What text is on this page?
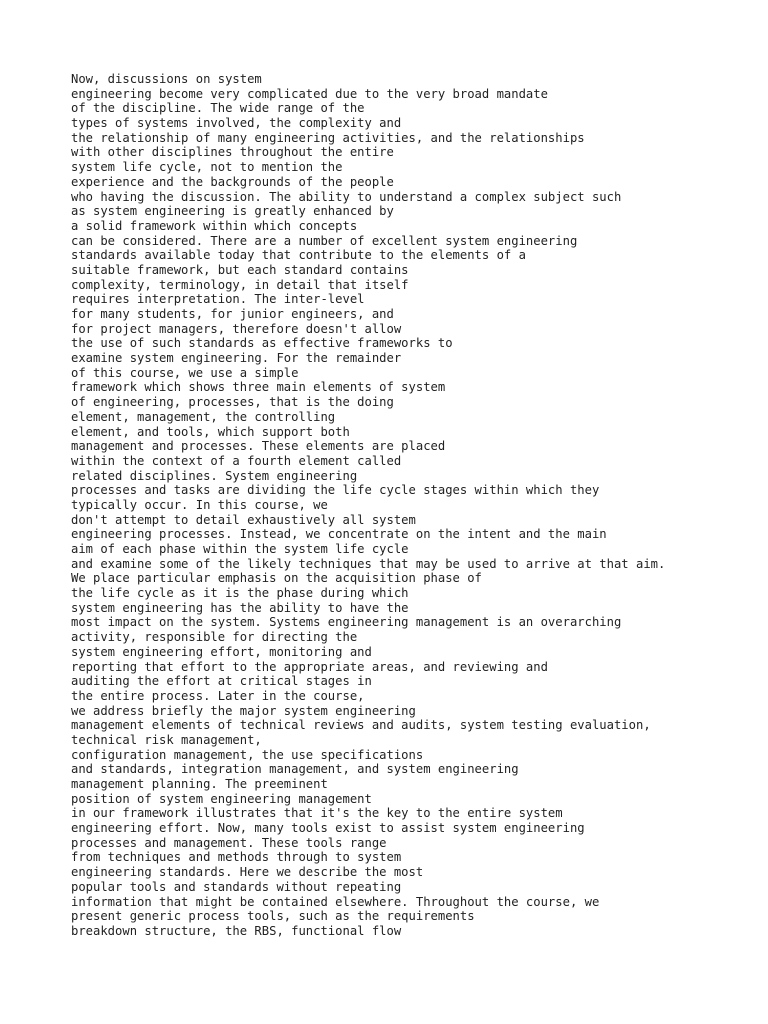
Now, discussions on system

engineering become very complicated due to the very broad mandate

of the discipline. The wide range of the

types of systems involved, the complexity and

the relationship of many engineering activities, and the relationships

with other disciplines throughout the entire

system life cycle, not to mention the

experience and the backgrounds of the people

who having the discussion. The ability to understand a complex subject such

as system engineering is greatly enhanced by

a solid framework within which concepts

can be considered. There are a number of excellent system engineering

standards available today that contribute to the elements of a

suitable framework, but each standard contains

complexity, terminology, in detail that itself

requires interpretation. The inter-level

for many students, for junior engineers, and

for project managers, therefore doesn't allow

the use of such standards as effective frameworks to

examine system engineering. For the remainder

of this course, we use a simple

framework which shows three main elements of system

of engineering, processes, that is the doing

element, management, the controlling

element, and tools, which support both

management and processes. These elements are placed

within the context of a fourth element called

related disciplines. System engineering

processes and tasks are dividing the life cycle stages within which they

typically occur. In this course, we

don't attempt to detail exhaustively all system

engineering processes. Instead, we concentrate on the intent and the main

aim of each phase within the system life cycle

and examine some of the likely techniques that may be used to arrive at that aim.

We place particular emphasis on the acquisition phase of

the life cycle as it is the phase during which

system engineering has the ability to have the

most impact on the system. Systems engineering management is an overarching

activity, responsible for directing the

system engineering effort, monitoring and

reporting that effort to the appropriate areas, and reviewing and

auditing the effort at critical stages in

the entire process. Later in the course,

we address briefly the major system engineering

management elements of technical reviews and audits, system testing evaluation,

technical risk management,

configuration management, the use specifications

and standards, integration management, and system engineering

management planning. The preeminent

position of system engineering management

in our framework illustrates that it's the key to the entire system

engineering effort. Now, many tools exist to assist system engineering

processes and management. These tools range

from techniques and methods through to system

engineering standards. Here we describe the most

popular tools and standards without repeating

information that might be contained elsewhere. Throughout the course, we

present generic process tools, such as the requirements

breakdown structure, the RBS, functional flow
